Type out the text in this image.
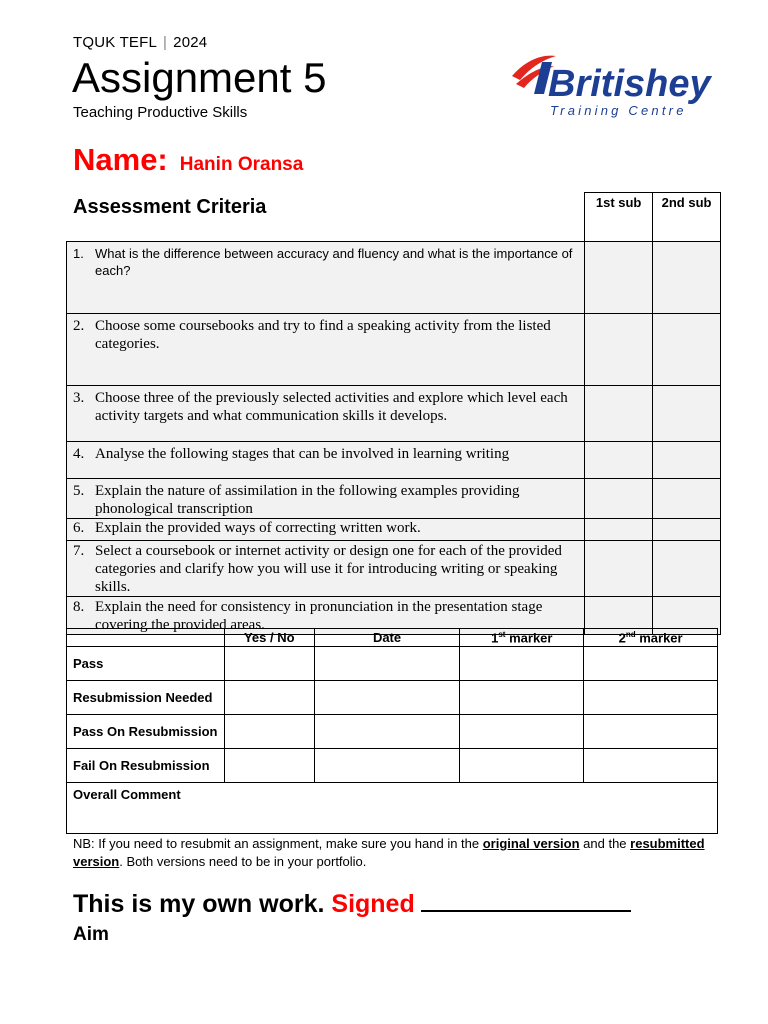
TQUK TEFL | 2024
Assignment 5
Teaching Productive Skills
Britishey
Training Centre
Name: Hanin Oransa
	1st sub	2nd sub

1. What is the difference between accuracy and fluency and what is the importance of each?		

2. Choose some coursebooks and try to find a speaking activity from the listed categories.		

3. Choose three of the previously selected activities and explore which level each activity targets and what communication skills it develops.		

4. Analyse the following stages that can be involved in learning writing		

5. Explain the nature of assimilation in the following examples providing phonological transcription		

6. Explain the provided ways of correcting written work.		

7. Select a coursebook or internet activity or design one for each of the provided categories and clarify how you will use it for introducing writing or speaking skills.		

8. Explain the need for consistency in pronunciation in the presentation stage covering the provided areas.		

Assessment Criteria
	Yes / No	Date	1st marker	2nd marker
Pass				
Resubmission Needed				
Pass On Resubmission				
Fail On Resubmission				
Overall Comment				
NB: If you need to resubmit an assignment, make sure you hand in the original version and the resubmitted version. Both versions need to be in your portfolio.
This is my own work. Signed
Aim
